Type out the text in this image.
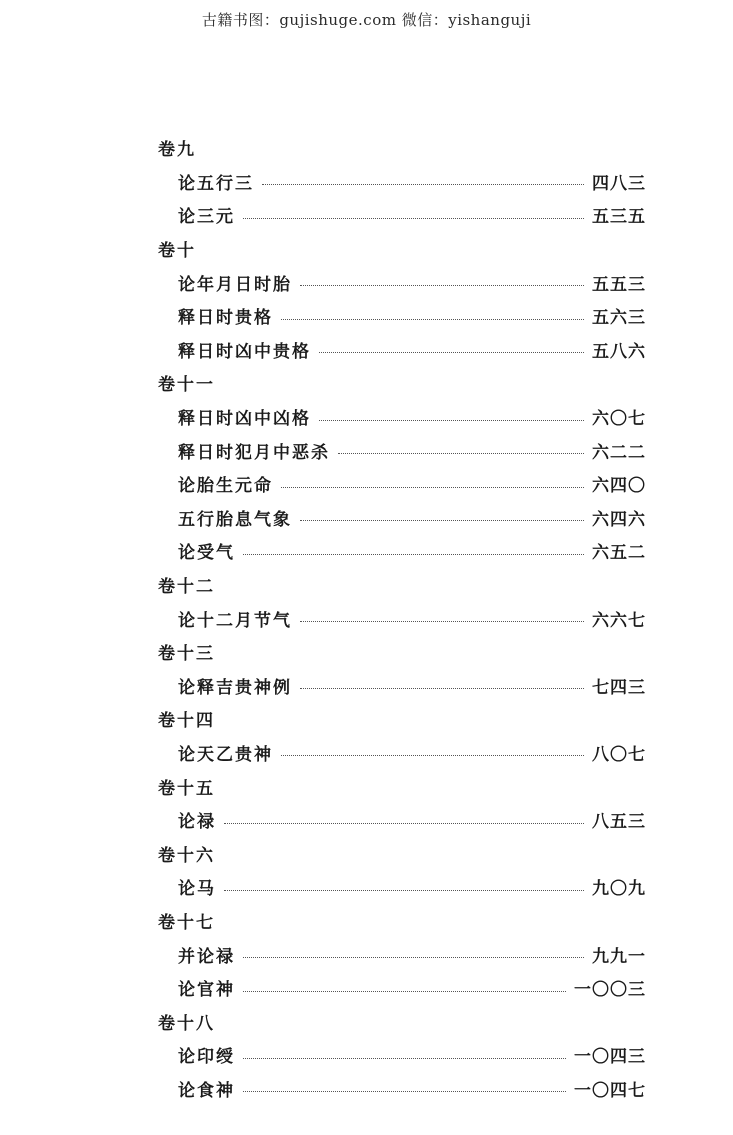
古籍书图：gujishuge.com 微信：yishanguji
卷九
论五行三	四八三
论三元	五三五
卷十
论年月日时胎	五五三
释日时贵格	五六三
释日时凶中贵格	五八六
卷十一
释日时凶中凶格	六〇七
释日时犯月中恶杀	六二二
论胎生元命	六四〇
五行胎息气象	六四六
论受气	六五二
卷十二
论十二月节气	六六七
卷十三
论释吉贵神例	七四三
卷十四
论天乙贵神	八〇七
卷十五
论禄	八五三
卷十六
论马	九〇九
卷十七
并论禄	九九一
论官神	一〇〇三
卷十八
论印绶	一〇四三
论食神	一〇四七
